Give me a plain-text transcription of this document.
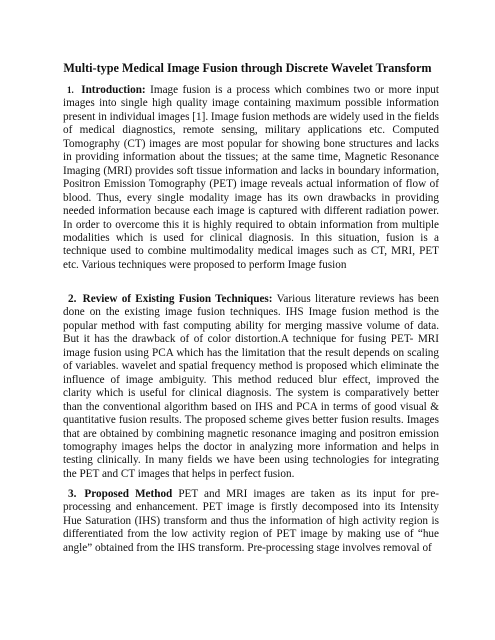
Multi-type Medical Image Fusion through Discrete Wavelet Transform
1. Introduction: Image fusion is a process which combines two or more input images into single high quality image containing maximum possible information present in individual images [1]. Image fusion methods are widely used in the fields of medical diagnostics, remote sensing, military applications etc. Computed Tomography (CT) images are most popular for showing bone structures and lacks in providing information about the tissues; at the same time, Magnetic Resonance Imaging (MRI) provides soft tissue information and lacks in boundary information, Positron Emission Tomography (PET) image reveals actual information of flow of blood. Thus, every single modality image has its own drawbacks in providing needed information because each image is captured with different radiation power. In order to overcome this it is highly required to obtain information from multiple modalities which is used for clinical diagnosis. In this situation, fusion is a technique used to combine multimodality medical images such as CT, MRI, PET etc. Various techniques were proposed to perform Image fusion
2. Review of Existing Fusion Techniques: Various literature reviews has been done on the existing image fusion techniques. IHS Image fusion method is the popular method with fast computing ability for merging massive volume of data. But it has the drawback of of color distortion.A technique for fusing PET- MRI image fusion using PCA which has the limitation that the result depends on scaling of variables. wavelet and spatial frequency method is proposed which eliminate the influence of image ambiguity. This method reduced blur effect, improved the clarity which is useful for clinical diagnosis. The system is comparatively better than the conventional algorithm based on IHS and PCA in terms of good visual & quantitative fusion results. The proposed scheme gives better fusion results. Images that are obtained by combining magnetic resonance imaging and positron emission tomography images helps the doctor in analyzing more information and helps in testing clinically. In many fields we have been using technologies for integrating the PET and CT images that helps in perfect fusion.
3. Proposed Method PET and MRI images are taken as its input for pre-processing and enhancement. PET image is firstly decomposed into its Intensity Hue Saturation (IHS) transform and thus the information of high activity region is differentiated from the low activity region of PET image by making use of “hue angle” obtained from the IHS transform. Pre-processing stage involves removal of
